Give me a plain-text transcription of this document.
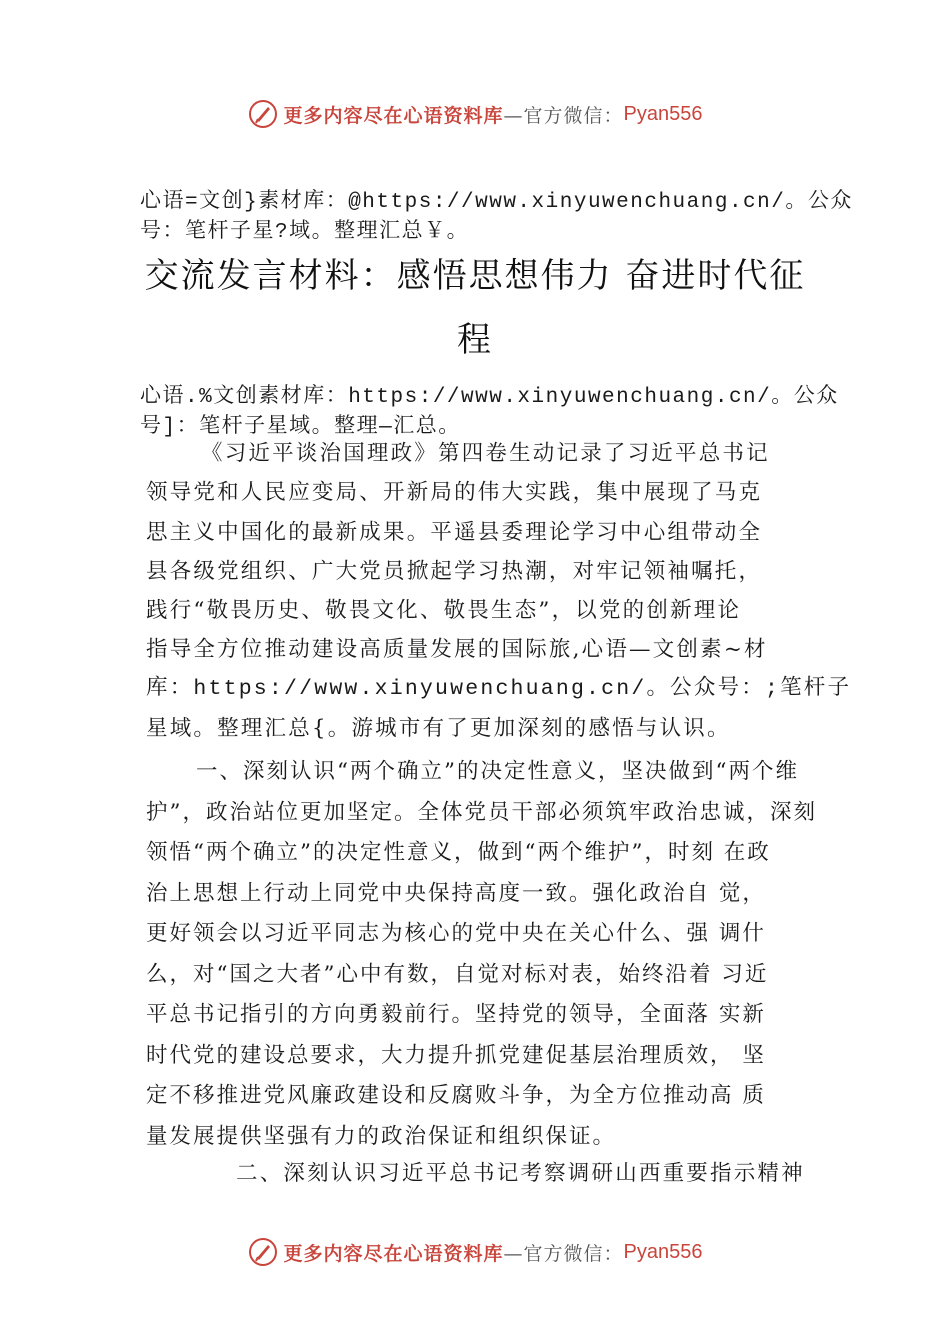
更多内容尽在心语资料库 —官方微信： Pyan556
心语=文创}素材库：@https://www.xinyuwenchuang.cn/。公众
号：笔杆子星?域。整理汇总￥。
交流发言材料：感悟思想伟力 奋进时代征
程
心语.%文创素材库：https://www.xinyuwenchuang.cn/。公众
号]：笔杆子星域。整理—汇总。
《习近平谈治国理政》第四卷生动记录了习近平总书记
领导党和人民应变局、开新局的伟大实践，集中展现了马克
思主义中国化的最新成果。平遥县委理论学习中心组带动全
县各级党组织、广大党员掀起学习热潮，对牢记领袖嘱托，
践行“敬畏历史、敬畏文化、敬畏生态”，以党的创新理论
指导全方位推动建设高质量发展的国际旅,心语—文创素~材
库：https://www.xinyuwenchuang.cn/。公众号：;笔杆子
星域。整理汇总{。游城市有了更加深刻的感悟与认识。
一、深刻认识“两个确立”的决定性意义，坚决做到“两个维
护”，政治站位更加坚定。全体党员干部必须筑牢政治忠诚，深刻
领悟“两个确立”的决定性意义，做到“两个维护”，时刻 在政
治上思想上行动上同党中央保持高度一致。强化政治自 觉，
更好领会以习近平同志为核心的党中央在关心什么、强 调什
么，对“国之大者”心中有数，自觉对标对表，始终沿着 习近
平总书记指引的方向勇毅前行。坚持党的领导，全面落 实新
时代党的建设总要求，大力提升抓党建促基层治理质效， 坚
定不移推进党风廉政建设和反腐败斗争，为全方位推动高 质
量发展提供坚强有力的政治保证和组织保证。
二、深刻认识习近平总书记考察调研山西重要指示精神
更多内容尽在心语资料库 —官方微信： Pyan556
